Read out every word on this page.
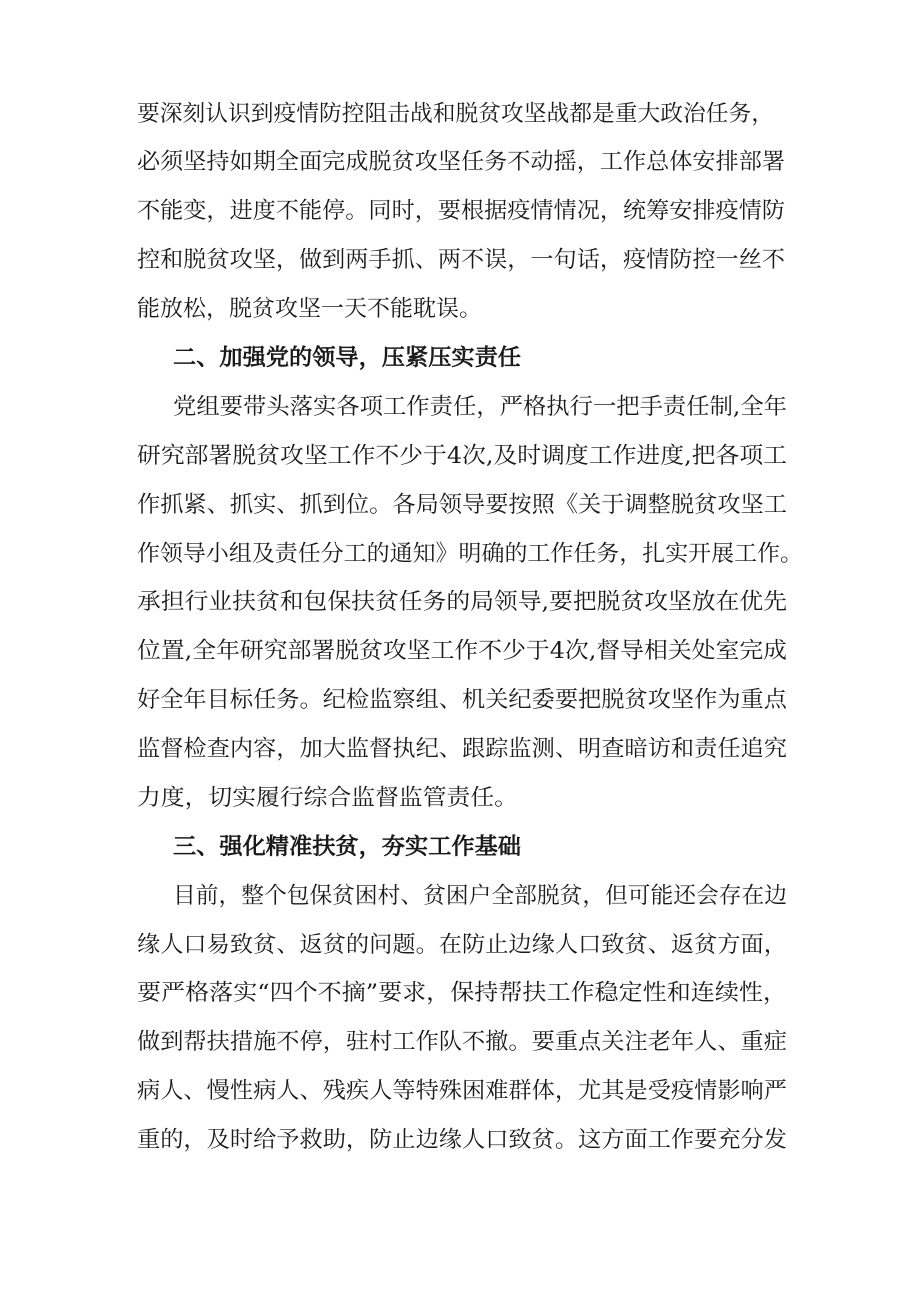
要深刻认识到疫情防控阻击战和脱贫攻坚战都是重大政治任务，
必须坚持如期全面完成脱贫攻坚任务不动摇，工作总体安排部署
不能变，进度不能停。同时，要根据疫情情况，统筹安排疫情防
控和脱贫攻坚，做到两手抓、两不误，一句话，疫情防控一丝不
能放松，脱贫攻坚一天不能耽误。
二、加强党的领导，压紧压实责任
党组要带头落实各项工作责任，严格执行一把手责任制,全年
研究部署脱贫攻坚工作不少于4次,及时调度工作进度,把各项工
作抓紧、抓实、抓到位。各局领导要按照《关于调整脱贫攻坚工
作领导小组及责任分工的通知》明确的工作任务，扎实开展工作。
承担行业扶贫和包保扶贫任务的局领导,要把脱贫攻坚放在优先
位置,全年研究部署脱贫攻坚工作不少于4次,督导相关处室完成
好全年目标任务。纪检监察组、机关纪委要把脱贫攻坚作为重点
监督检查内容，加大监督执纪、跟踪监测、明查暗访和责任追究
力度，切实履行综合监督监管责任。
三、强化精准扶贫，夯实工作基础
目前，整个包保贫困村、贫困户全部脱贫，但可能还会存在边
缘人口易致贫、返贫的问题。在防止边缘人口致贫、返贫方面，
要严格落实“四个不摘”要求，保持帮扶工作稳定性和连续性，
做到帮扶措施不停，驻村工作队不撤。要重点关注老年人、重症
病人、慢性病人、残疾人等特殊困难群体，尤其是受疫情影响严
重的，及时给予救助，防止边缘人口致贫。这方面工作要充分发
